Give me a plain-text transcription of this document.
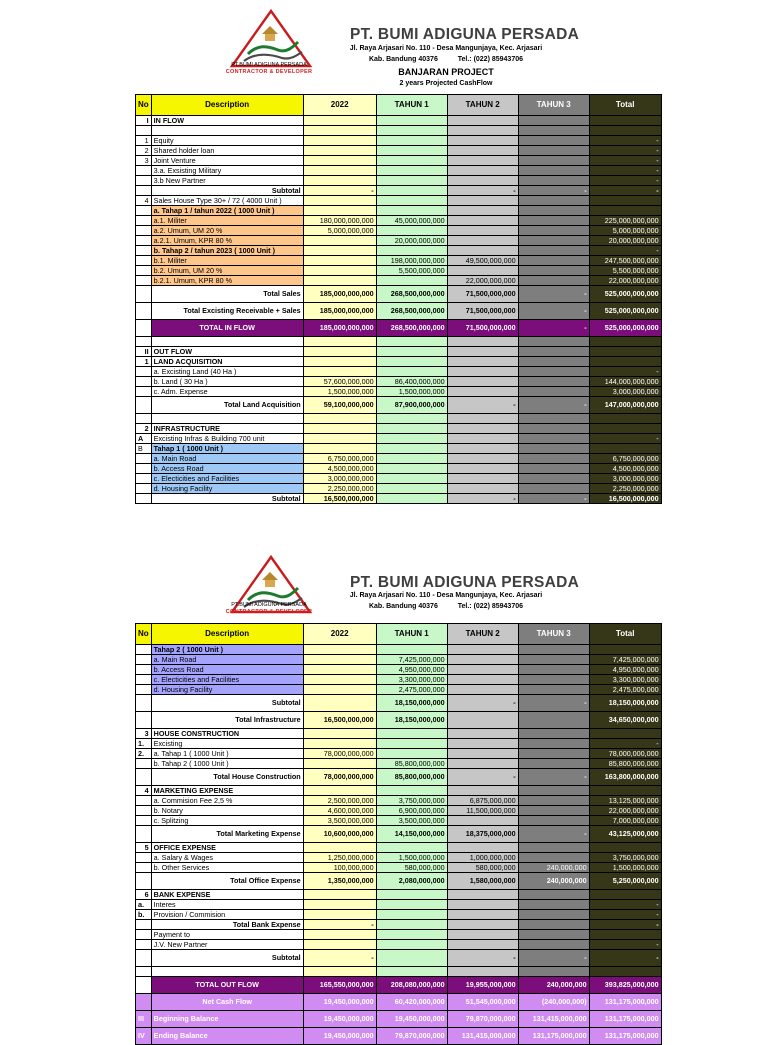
PT.BUMI ADIGUNA PERSADA
CONTRACTOR & DEVELOPER
PT. BUMI ADIGUNA PERSADA
Jl. Raya Arjasari No. 110 - Desa Mangunjaya, Kec. Arjasari
Kab. Bandung 40376	Tel.: (022) 85943706
BANJARAN PROJECT
2 years Projected CashFlow
No	Description	2022	TAHUN 1	TAHUN 2	TAHUN 3	Total
I	IN FLOW					

1	Equity					-
2	Shared holder loan					-
3	Joint Venture					-
	3.a. Exsisting Military					-
	3.b New Partner					-
	Subtotal	-		-	-	-
4	Sales House Type 30+ / 72 ( 4000 Unit )					
	a. Tahap 1 / tahun 2022 ( 1000 Unit )					
	a.1. Militer	180,000,000,000	45,000,000,000			225,000,000,000
	a.2. Umum, UM 20 %	5,000,000,000				5,000,000,000
	a.2.1. Umum, KPR 80 %		20,000,000,000			20,000,000,000
	b. Tahap 2 / tahun 2023 ( 1000 Unit )					-
	b.1. Militer		198,000,000,000	49,500,000,000		247,500,000,000
	b.2. Umum, UM 20 %		5,500,000,000			5,500,000,000
	b.2.1. Umum, KPR 80 %			22,000,000,000		22,000,000,000
	Total Sales	185,000,000,000	268,500,000,000	71,500,000,000	-	525,000,000,000
	Total Excisting Receivable + Sales	185,000,000,000	268,500,000,000	71,500,000,000	-	525,000,000,000
	TOTAL IN FLOW	185,000,000,000	268,500,000,000	71,500,000,000	-	525,000,000,000

II	OUT FLOW					
1	LAND ACQUISITION					
	a. Excisting Land (40 Ha )					-
	b. Land ( 30 Ha )	57,600,000,000	86,400,000,000			144,000,000,000
	c. Adm. Expense	1,500,000,000	1,500,000,000			3,000,000,000
	Total Land Acquisition	59,100,000,000	87,900,000,000	-	-	147,000,000,000

2	INFRASTRUCTURE					
A	Excisting Infras & Building 700 unit					-
B	Tahap 1 ( 1000 Unit )					
	a. Main Road	6,750,000,000				6,750,000,000
	b. Access Road	4,500,000,000				4,500,000,000
	c. Electicities and Facilities	3,000,000,000				3,000,000,000
	d. Housing Facility	2,250,000,000				2,250,000,000
	Subtotal	16,500,000,000		-	-	16,500,000,000
PT.BUMI ADIGUNA PERSADA
CONTRACTOR & DEVELOPER
PT. BUMI ADIGUNA PERSADA
Jl. Raya Arjasari No. 110 - Desa Mangunjaya, Kec. Arjasari
Kab. Bandung 40376	Tel.: (022) 85943706
No	Description	2022	TAHUN 1	TAHUN 2	TAHUN 3	Total
	Tahap 2 ( 1000 Unit )					
	a. Main Road		7,425,000,000			7,425,000,000
	b. Access Road		4,950,000,000			4,950,000,000
	c. Electicities and Facilities		3,300,000,000			3,300,000,000
	d. Housing Facility		2,475,000,000			2,475,000,000
	Subtotal		18,150,000,000	-	-	18,150,000,000
	Total Infrastructure	16,500,000,000	18,150,000,000			34,650,000,000
3	HOUSE CONSTRUCTION					
1.	Excisting					-
2.	a. Tahap 1 ( 1000 Unit )	78,000,000,000				78,000,000,000
	b. Tahap 2 ( 1000 Unit )		85,800,000,000			85,800,000,000
	Total House Construction	78,000,000,000	85,800,000,000	-	-	163,800,000,000
4	MARKETING EXPENSE					
	a. Commision Fee 2,5 %	2,500,000,000	3,750,000,000	6,875,000,000		13,125,000,000
	b. Notary	4,600,000,000	6,900,000,000	11,500,000,000		22,000,000,000
	c. Splitzing	3,500,000,000	3,500,000,000			7,000,000,000
	Total Marketing Expense	10,600,000,000	14,150,000,000	18,375,000,000	-	43,125,000,000
5	OFFICE EXPENSE					
	a. Salary & Wages	1,250,000,000	1,500,000,000	1,000,000,000		3,750,000,000
	b. Other Services	100,000,000	580,000,000	580,000,000	240,000,000	1,500,000,000
	Total Office Expense	1,350,000,000	2,080,000,000	1,580,000,000	240,000,000	5,250,000,000
6	BANK EXPENSE					
a.	Interes					-
b.	Provision / Commision					-
	Total Bank Expense	-				-
	Payment to					
	J.V. New Partner					-
	Subtotal	-		-	-	-

	TOTAL OUT FLOW	165,550,000,000	208,080,000,000	19,955,000,000	240,000,000	393,825,000,000
	Net Cash Flow	19,450,000,000	60,420,000,000	51,545,000,000	(240,000,000)	131,175,000,000
III	Beginning Balance	19,450,000,000	19,450,000,000	79,870,000,000	131,415,000,000	131,175,000,000
IV	Ending Balance	19,450,000,000	79,870,000,000	131,415,000,000	131,175,000,000	131,175,000,000
